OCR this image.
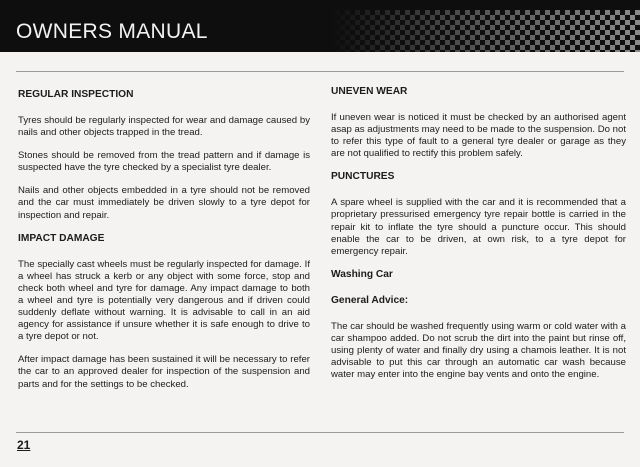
OWNERS MANUAL
REGULAR INSPECTION

Tyres should be regularly inspected for wear and damage caused by nails and other objects trapped in the tread.

Stones should be removed from the tread pattern and if damage is suspected have the tyre checked by a specialist tyre dealer.

Nails and other objects embedded in a tyre should not be removed and the car must immediately be driven slowly to a tyre depot for inspection and repair.

IMPACT DAMAGE

The specially cast wheels must be regularly inspected for damage. If a wheel has struck a kerb or any object with some force, stop and check both wheel and tyre for damage. Any impact damage to both a wheel and tyre is potentially very dangerous and if driven could suddenly deflate without warning. It is advisable to call in an aid agency for assistance if unsure whether it is safe enough to drive to a tyre depot or not.

After impact damage has been sustained it will be necessary to refer the car to an approved dealer for inspection of the suspension and parts and for the settings to be checked.

UNEVEN WEAR

If uneven wear is noticed it must be checked by an authorised agent asap as adjustments may need to be made to the suspension. Do not to refer this type of fault to a general tyre dealer or garage as they are not qualified to rectify this problem safely.

PUNCTURES

A spare wheel is supplied with the car and it is recommended that a proprietary pressurised emergency tyre repair bottle is carried in the repair kit to inflate the tyre should a puncture occur. This should enable the car to be driven, at own risk, to a tyre depot for emergency repair.

Washing Car
General Advice:

The car should be washed frequently using warm or cold water with a car shampoo added. Do not scrub the dirt into the paint but rinse off, using plenty of water and finally dry using a chamois leather. It is not advisable to put this car through an automatic car wash because water may enter into the engine bay vents and onto the engine.

21
